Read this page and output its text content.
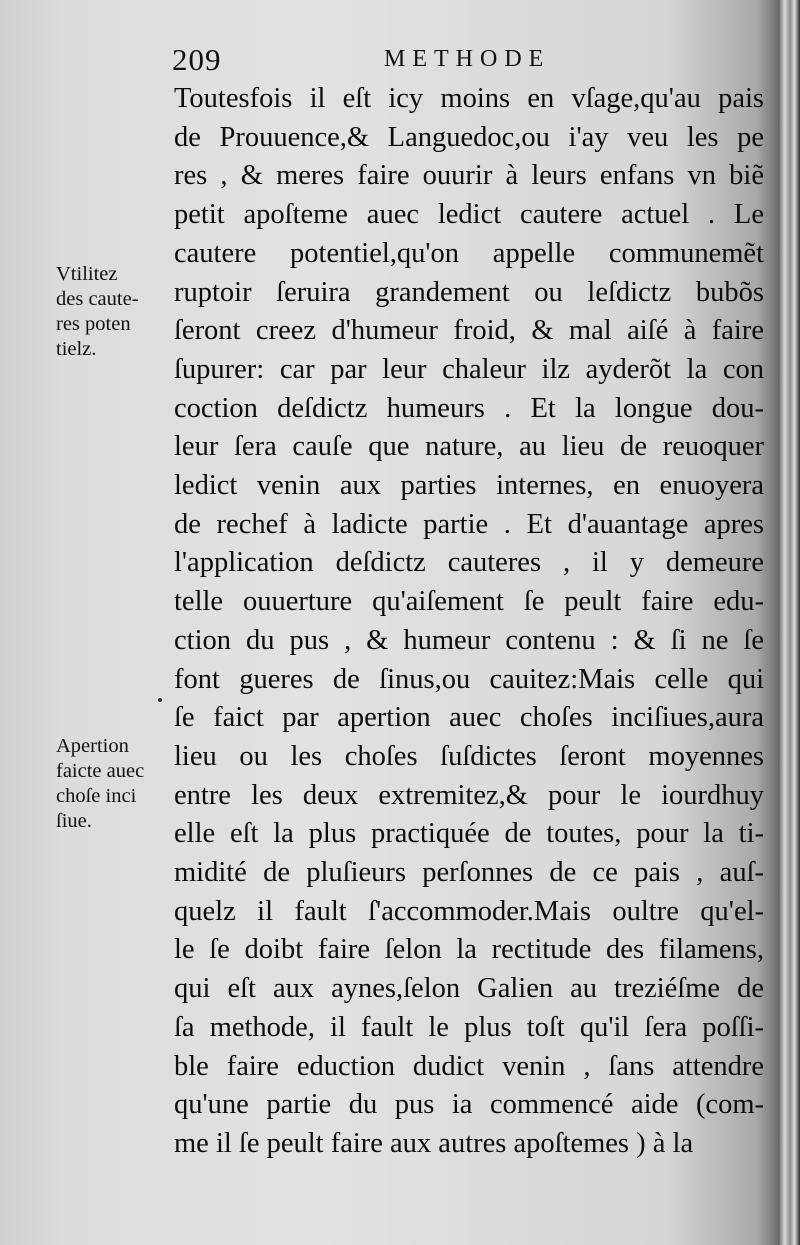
209	METHODE
Vtilitez
des caute-
res poten
tielz.
Apertion
faicte auec
choſe inci
ſiue.
Toutesfois il eſt icy moins en vſage,qu'au pais
de Prouuence,& Languedoc,ou i'ay veu les pe
res , & meres faire ouurir à leurs enfans vn biẽ
petit apoſteme auec ledict cautere actuel . Le
cautere potentiel,qu'on appelle communemẽt
ruptoir ſeruira grandement ou leſdictz bubõs
ſeront creez d'humeur froid, & mal aiſé à faire
ſupurer: car par leur chaleur ilz ayderõt la con
coction deſdictz humeurs . Et la longue dou-
leur ſera cauſe que nature, au lieu de reuoquer
ledict venin aux parties internes, en enuoyera
de rechef à ladicte partie . Et d'auantage apres
l'application deſdictz cauteres , il y demeure
telle ouuerture qu'aiſement ſe peult faire edu-
ction du pus , & humeur contenu : & ſi ne ſe
font gueres de ſinus,ou cauitez:Mais celle qui
ſe faict par apertion auec choſes inciſiues,aura
lieu ou les choſes ſuſdictes ſeront moyennes
entre les deux extremitez,& pour le iourdhuy
elle eſt la plus practiquée de toutes, pour la ti-
midité de pluſieurs perſonnes de ce pais , auſ-
quelz il fault ſ'accommoder.Mais oultre qu'el-
le ſe doibt faire ſelon la rectitude des filamens,
qui eſt aux aynes,ſelon Galien au treziéſme de
ſa methode, il fault le plus toſt qu'il ſera poſſi-
ble faire eduction dudict venin , ſans attendre
qu'une partie du pus ia commencé aide (com-
me il ſe peult faire aux autres apoſtemes ) à la
